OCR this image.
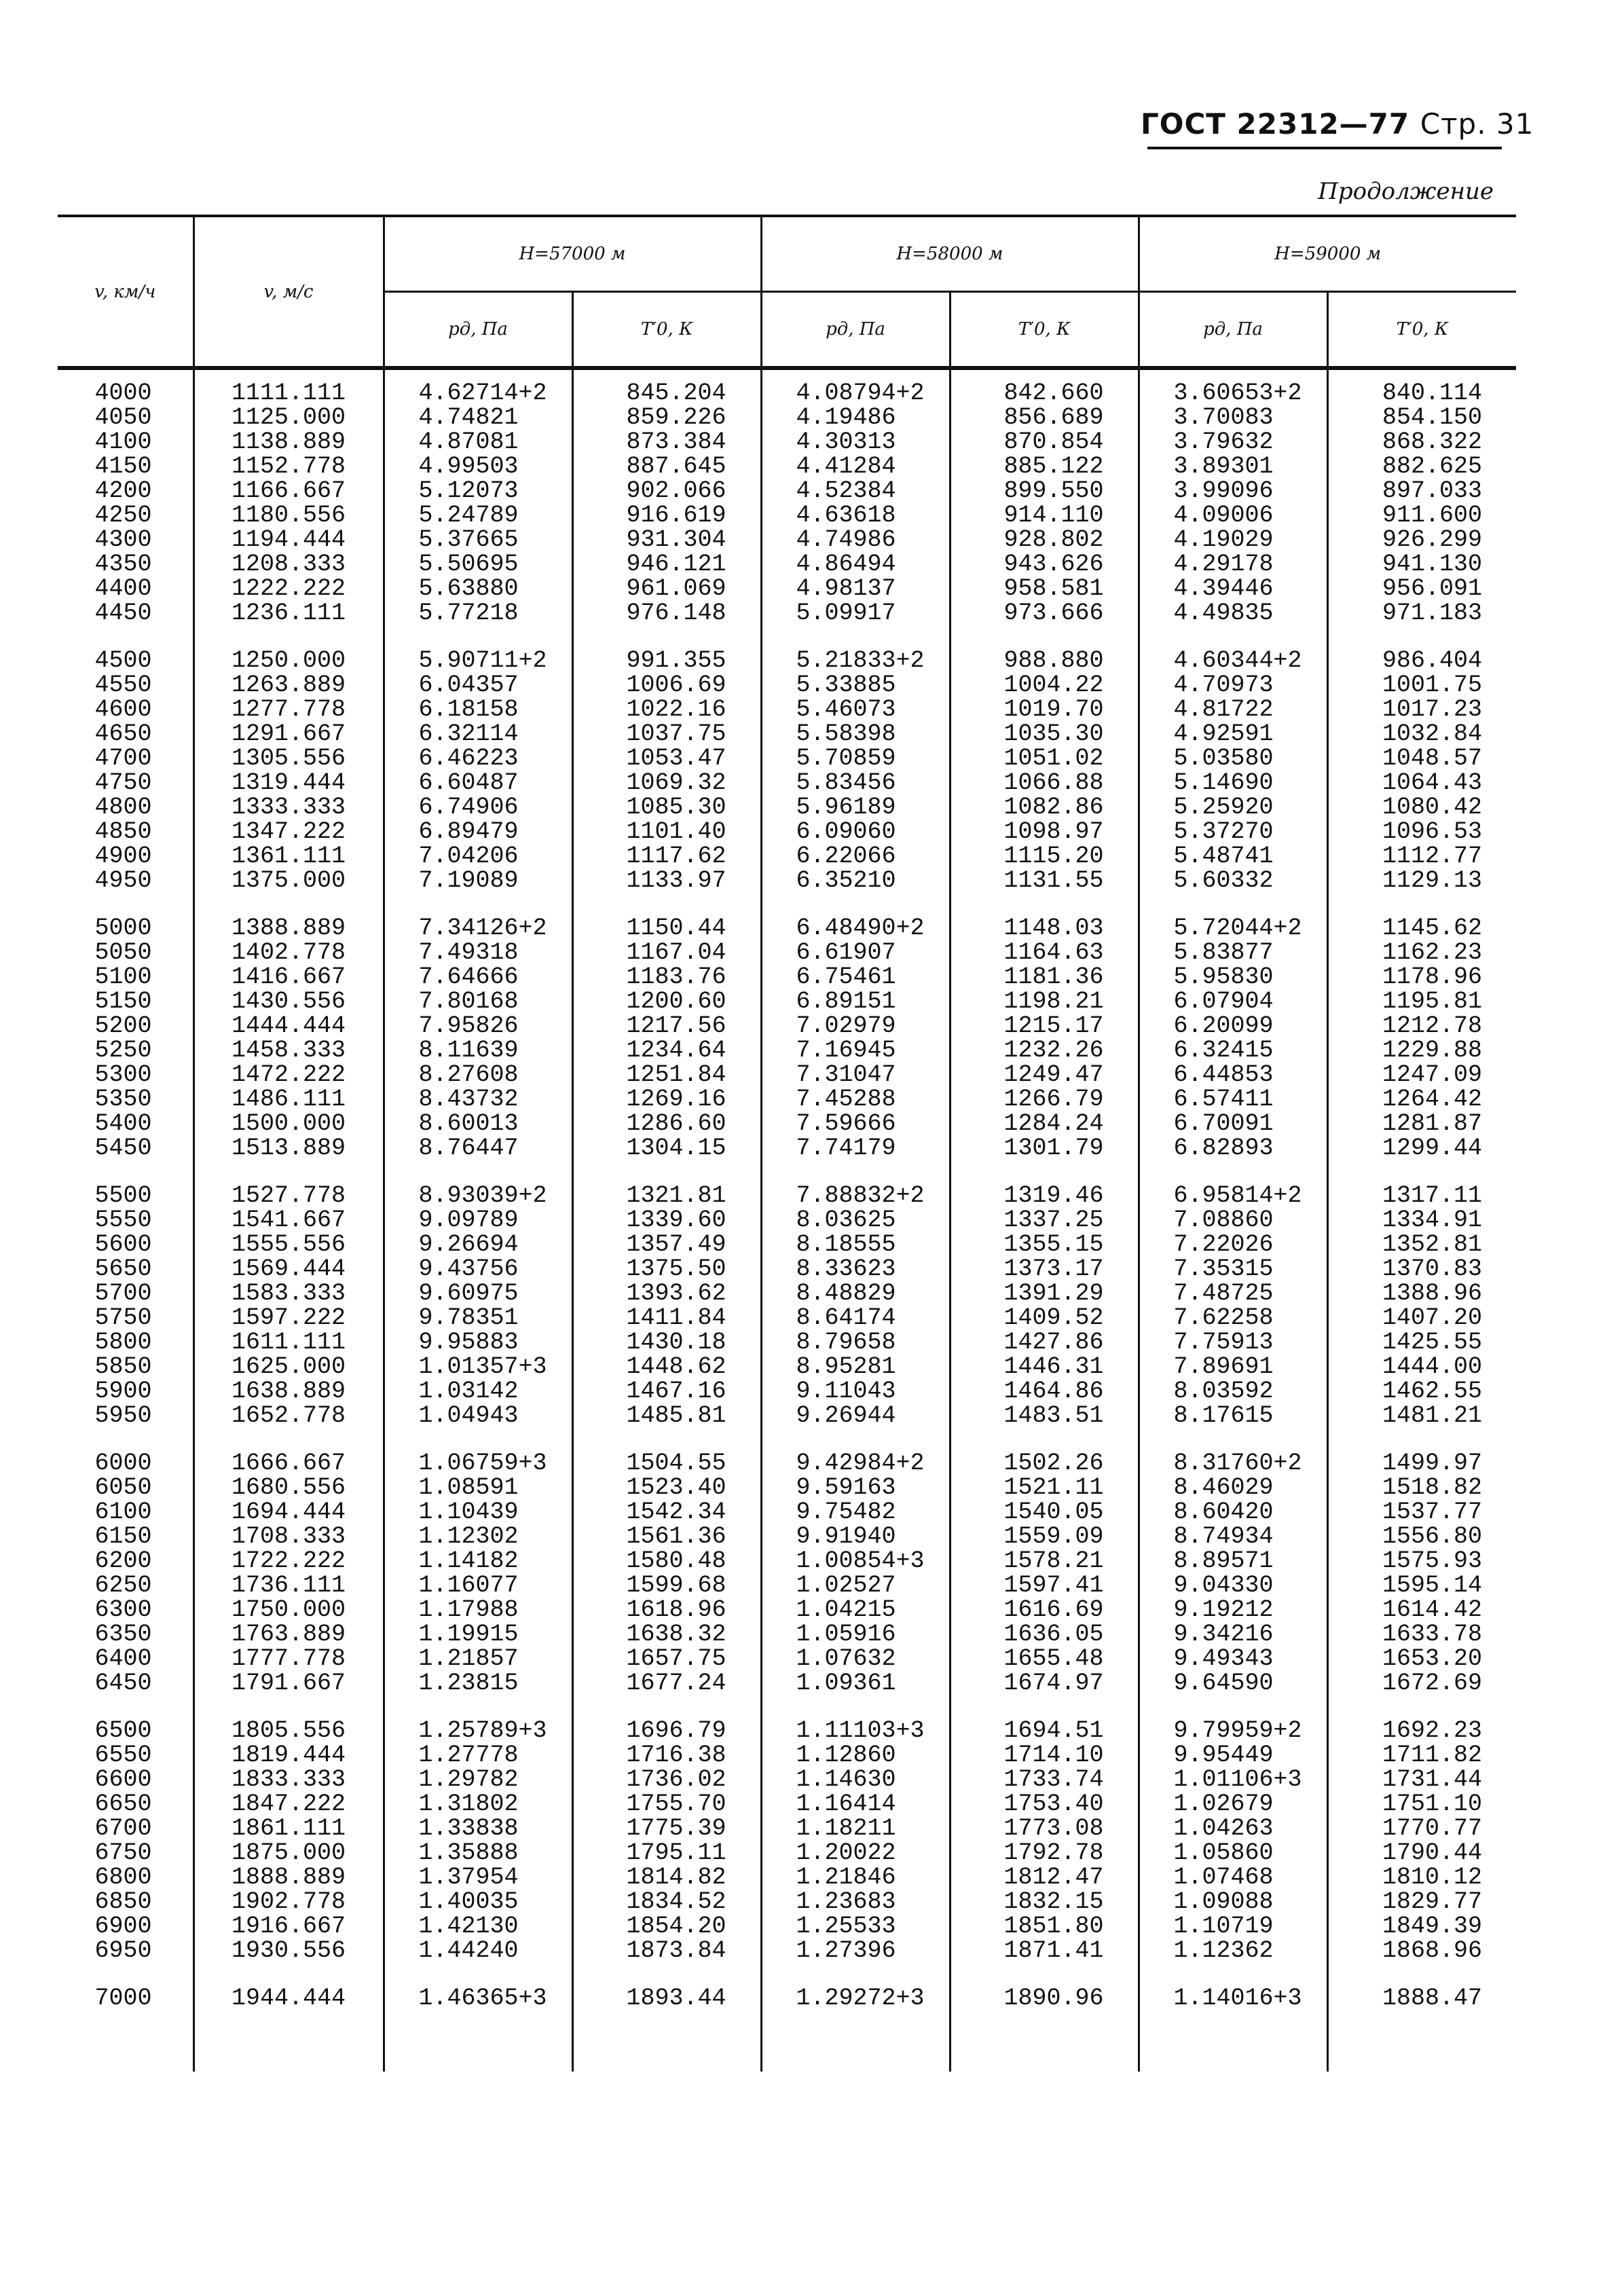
ГОСТ 22312—77 Стр. 31
Продолжение
v, км/ч	v, м/с	H=57000 м		H=58000 м		H=59000 м	
		pд, Па	T′0, К	pд, Па	T′0, К	pд, Па	T′0, К
4000	1111.111	4.62714+2	845.204	4.08794+2	842.660	3.60653+2	840.114
4050	1125.000	4.74821	859.226	4.19486	856.689	3.70083	854.150
4100	1138.889	4.87081	873.384	4.30313	870.854	3.79632	868.322
4150	1152.778	4.99503	887.645	4.41284	885.122	3.89301	882.625
4200	1166.667	5.12073	902.066	4.52384	899.550	3.99096	897.033
4250	1180.556	5.24789	916.619	4.63618	914.110	4.09006	911.600
4300	1194.444	5.37665	931.304	4.74986	928.802	4.19029	926.299
4350	1208.333	5.50695	946.121	4.86494	943.626	4.29178	941.130
4400	1222.222	5.63880	961.069	4.98137	958.581	4.39446	956.091
4450	1236.111	5.77218	976.148	5.09917	973.666	4.49835	971.183

4500	1250.000	5.90711+2	991.355	5.21833+2	988.880	4.60344+2	986.404
4550	1263.889	6.04357	1006.69	5.33885	1004.22	4.70973	1001.75
4600	1277.778	6.18158	1022.16	5.46073	1019.70	4.81722	1017.23
4650	1291.667	6.32114	1037.75	5.58398	1035.30	4.92591	1032.84
4700	1305.556	6.46223	1053.47	5.70859	1051.02	5.03580	1048.57
4750	1319.444	6.60487	1069.32	5.83456	1066.88	5.14690	1064.43
4800	1333.333	6.74906	1085.30	5.96189	1082.86	5.25920	1080.42
4850	1347.222	6.89479	1101.40	6.09060	1098.97	5.37270	1096.53
4900	1361.111	7.04206	1117.62	6.22066	1115.20	5.48741	1112.77
4950	1375.000	7.19089	1133.97	6.35210	1131.55	5.60332	1129.13

5000	1388.889	7.34126+2	1150.44	6.48490+2	1148.03	5.72044+2	1145.62
5050	1402.778	7.49318	1167.04	6.61907	1164.63	5.83877	1162.23
5100	1416.667	7.64666	1183.76	6.75461	1181.36	5.95830	1178.96
5150	1430.556	7.80168	1200.60	6.89151	1198.21	6.07904	1195.81
5200	1444.444	7.95826	1217.56	7.02979	1215.17	6.20099	1212.78
5250	1458.333	8.11639	1234.64	7.16945	1232.26	6.32415	1229.88
5300	1472.222	8.27608	1251.84	7.31047	1249.47	6.44853	1247.09
5350	1486.111	8.43732	1269.16	7.45288	1266.79	6.57411	1264.42
5400	1500.000	8.60013	1286.60	7.59666	1284.24	6.70091	1281.87
5450	1513.889	8.76447	1304.15	7.74179	1301.79	6.82893	1299.44

5500	1527.778	8.93039+2	1321.81	7.88832+2	1319.46	6.95814+2	1317.11
5550	1541.667	9.09789	1339.60	8.03625	1337.25	7.08860	1334.91
5600	1555.556	9.26694	1357.49	8.18555	1355.15	7.22026	1352.81
5650	1569.444	9.43756	1375.50	8.33623	1373.17	7.35315	1370.83
5700	1583.333	9.60975	1393.62	8.48829	1391.29	7.48725	1388.96
5750	1597.222	9.78351	1411.84	8.64174	1409.52	7.62258	1407.20
5800	1611.111	9.95883	1430.18	8.79658	1427.86	7.75913	1425.55
5850	1625.000	1.01357+3	1448.62	8.95281	1446.31	7.89691	1444.00
5900	1638.889	1.03142	1467.16	9.11043	1464.86	8.03592	1462.55
5950	1652.778	1.04943	1485.81	9.26944	1483.51	8.17615	1481.21

6000	1666.667	1.06759+3	1504.55	9.42984+2	1502.26	8.31760+2	1499.97
6050	1680.556	1.08591	1523.40	9.59163	1521.11	8.46029	1518.82
6100	1694.444	1.10439	1542.34	9.75482	1540.05	8.60420	1537.77
6150	1708.333	1.12302	1561.36	9.91940	1559.09	8.74934	1556.80
6200	1722.222	1.14182	1580.48	1.00854+3	1578.21	8.89571	1575.93
6250	1736.111	1.16077	1599.68	1.02527	1597.41	9.04330	1595.14
6300	1750.000	1.17988	1618.96	1.04215	1616.69	9.19212	1614.42
6350	1763.889	1.19915	1638.32	1.05916	1636.05	9.34216	1633.78
6400	1777.778	1.21857	1657.75	1.07632	1655.48	9.49343	1653.20
6450	1791.667	1.23815	1677.24	1.09361	1674.97	9.64590	1672.69

6500	1805.556	1.25789+3	1696.79	1.11103+3	1694.51	9.79959+2	1692.23
6550	1819.444	1.27778	1716.38	1.12860	1714.10	9.95449	1711.82
6600	1833.333	1.29782	1736.02	1.14630	1733.74	1.01106+3	1731.44
6650	1847.222	1.31802	1755.70	1.16414	1753.40	1.02679	1751.10
6700	1861.111	1.33838	1775.39	1.18211	1773.08	1.04263	1770.77
6750	1875.000	1.35888	1795.11	1.20022	1792.78	1.05860	1790.44
6800	1888.889	1.37954	1814.82	1.21846	1812.47	1.07468	1810.12
6850	1902.778	1.40035	1834.52	1.23683	1832.15	1.09088	1829.77
6900	1916.667	1.42130	1854.20	1.25533	1851.80	1.10719	1849.39
6950	1930.556	1.44240	1873.84	1.27396	1871.41	1.12362	1868.96

7000	1944.444	1.46365+3	1893.44	1.29272+3	1890.96	1.14016+3	1888.47
